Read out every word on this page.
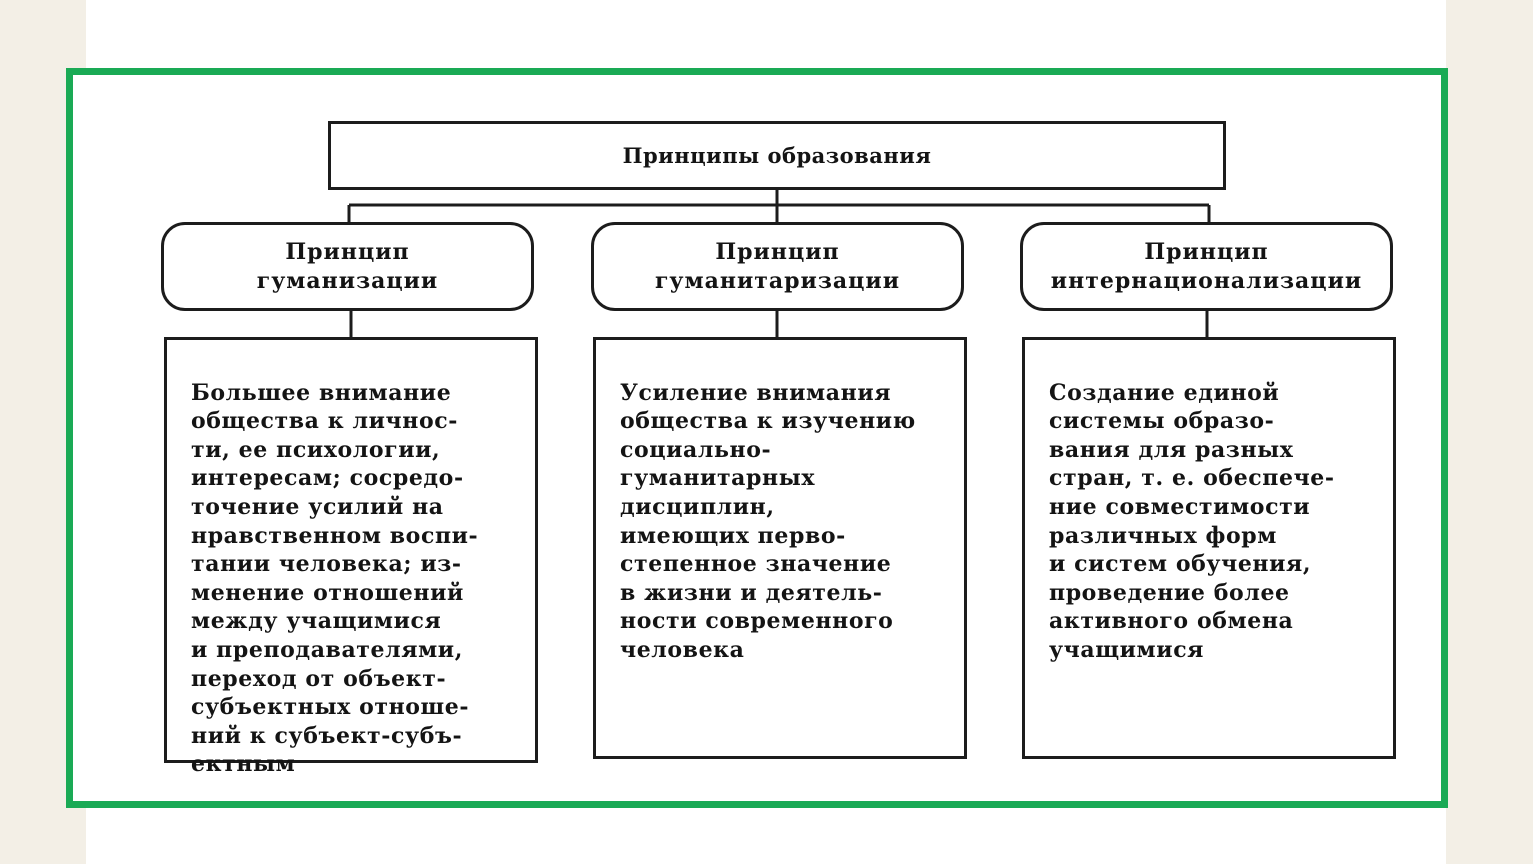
Принципы образования
Принцип
гуманизации
Принцип
гуманитаризации
Принцип
интернационализации

Большее внимание
общества к личнос-
ти, ее психологии,
интересам; сосредо-
точение усилий на
нравственном воспи-
тании человека; из-
менение отношений
между учащимися
и преподавателями,
переход от объект-
субъектных отноше-
ний к субъект-субъ-
ектным

Усиление внимания
общества к изучению
социально-
гуманитарных
дисциплин,
имеющих перво-
степенное значение
в жизни и деятель-
ности современного
человека

Создание единой
системы образо-
вания для разных
стран, т. е. обеспече-
ние совместимости
различных форм
и систем обучения,
проведение более
активного обмена
учащимися
